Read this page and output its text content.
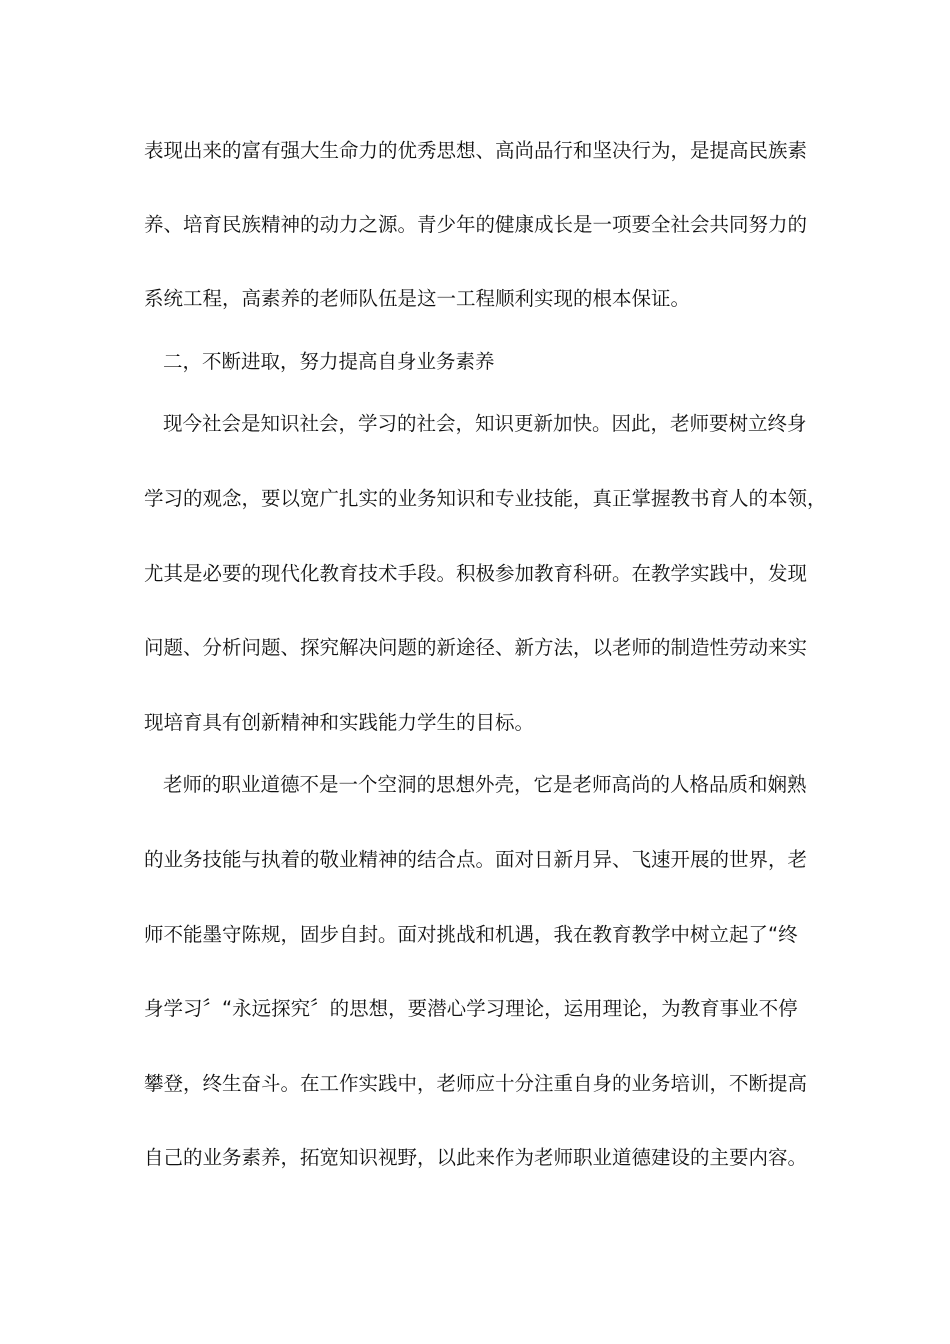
表现出来的富有强大生命力的优秀思想、高尚品行和坚决行为，是提高民族素
养、培育民族精神的动力之源。青少年的健康成长是一项要全社会共同努力的
系统工程，高素养的老师队伍是这一工程顺利实现的根本保证。
二，不断进取，努力提高自身业务素养
现今社会是知识社会，学习的社会，知识更新加快。因此，老师要树立终身
学习的观念，要以宽广扎实的业务知识和专业技能，真正掌握教书育人的本领，
尤其是必要的现代化教育技术手段。积极参加教育科研。在教学实践中，发现
问题、分析问题、探究解决问题的新途径、新方法，以老师的制造性劳动来实
现培育具有创新精神和实践能力学生的目标。
老师的职业道德不是一个空洞的思想外壳，它是老师高尚的人格品质和娴熟
的业务技能与执着的敬业精神的结合点。面对日新月异、飞速开展的世界，老
师不能墨守陈规，固步自封。面对挑战和机遇，我在教育教学中树立起了“终
身学习〞“永远探究〞的思想，要潜心学习理论，运用理论，为教育事业不停
攀登，终生奋斗。在工作实践中，老师应十分注重自身的业务培训，不断提高
自己的业务素养，拓宽知识视野，以此来作为老师职业道德建设的主要内容。
